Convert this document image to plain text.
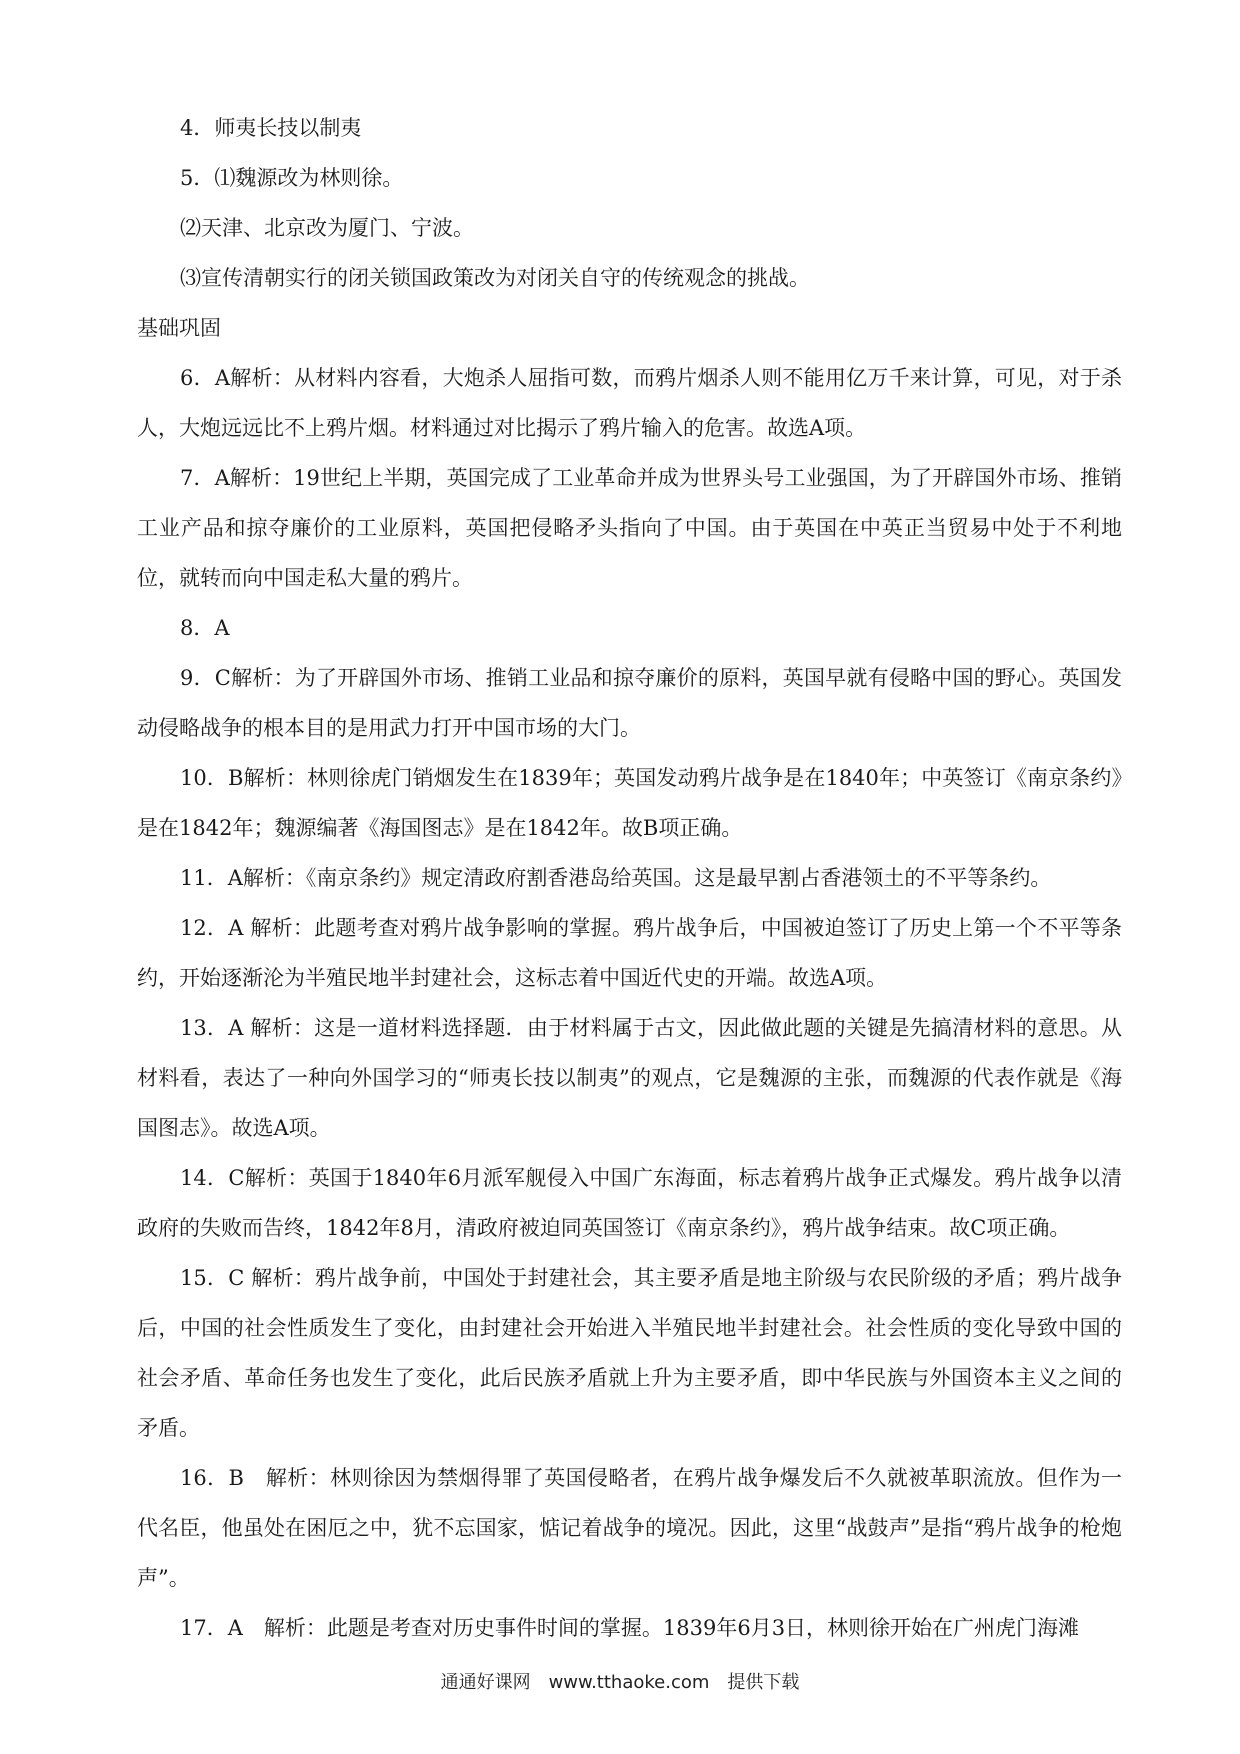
4．师夷长技以制夷

5．⑴魏源改为林则徐。

⑵天津、北京改为厦门、宁波。

⑶宣传清朝实行的闭关锁国政策改为对闭关自守的传统观念的挑战。

基础巩固

6．A解析：从材料内容看，大炮杀人屈指可数，而鸦片烟杀人则不能用亿万千来计算，可见，对于杀人，大炮远远比不上鸦片烟。材料通过对比揭示了鸦片输入的危害。故选A项。

7．A解析：19世纪上半期，英国完成了工业革命并成为世界头号工业强国，为了开辟国外市场、推销工业产品和掠夺廉价的工业原料，英国把侵略矛头指向了中国。由于英国在中英正当贸易中处于不利地位，就转而向中国走私大量的鸦片。

8．A

9．C解析：为了开辟国外市场、推销工业品和掠夺廉价的原料，英国早就有侵略中国的野心。英国发动侵略战争的根本目的是用武力打开中国市场的大门。

10．B解析：林则徐虎门销烟发生在1839年；英国发动鸦片战争是在1840年；中英签订《南京条约》是在1842年；魏源编著《海国图志》是在1842年。故B项正确。

11．A解析：《南京条约》规定清政府割香港岛给英国。这是最早割占香港领土的不平等条约。

12．A 解析：此题考查对鸦片战争影响的掌握。鸦片战争后，中国被迫签订了历史上第一个不平等条约，开始逐渐沦为半殖民地半封建社会，这标志着中国近代史的开端。故选A项。

13．A 解析：这是一道材料选择题．由于材料属于古文，因此做此题的关键是先搞清材料的意思。从材料看，表达了一种向外国学习的“师夷长技以制夷”的观点，它是魏源的主张，而魏源的代表作就是《海国图志》。故选A项。

14．C解析：英国于1840年6月派军舰侵入中国广东海面，标志着鸦片战争正式爆发。鸦片战争以清政府的失败而告终，1842年8月，清政府被迫同英国签订《南京条约》，鸦片战争结束。故C项正确。

15．C 解析：鸦片战争前，中国处于封建社会，其主要矛盾是地主阶级与农民阶级的矛盾；鸦片战争后，中国的社会性质发生了变化，由封建社会开始进入半殖民地半封建社会。社会性质的变化导致中国的社会矛盾、革命任务也发生了变化，此后民族矛盾就上升为主要矛盾，即中华民族与外国资本主义之间的矛盾。

16．B　解析：林则徐因为禁烟得罪了英国侵略者，在鸦片战争爆发后不久就被革职流放。但作为一代名臣，他虽处在困厄之中，犹不忘国家，惦记着战争的境况。因此，这里“战鼓声”是指“鸦片战争的枪炮声”。

17．A　解析：此题是考查对历史事件时间的掌握。1839年6月3日，林则徐开始在广州虎门海滩

通通好课网　www.tthaoke.com　提供下载
